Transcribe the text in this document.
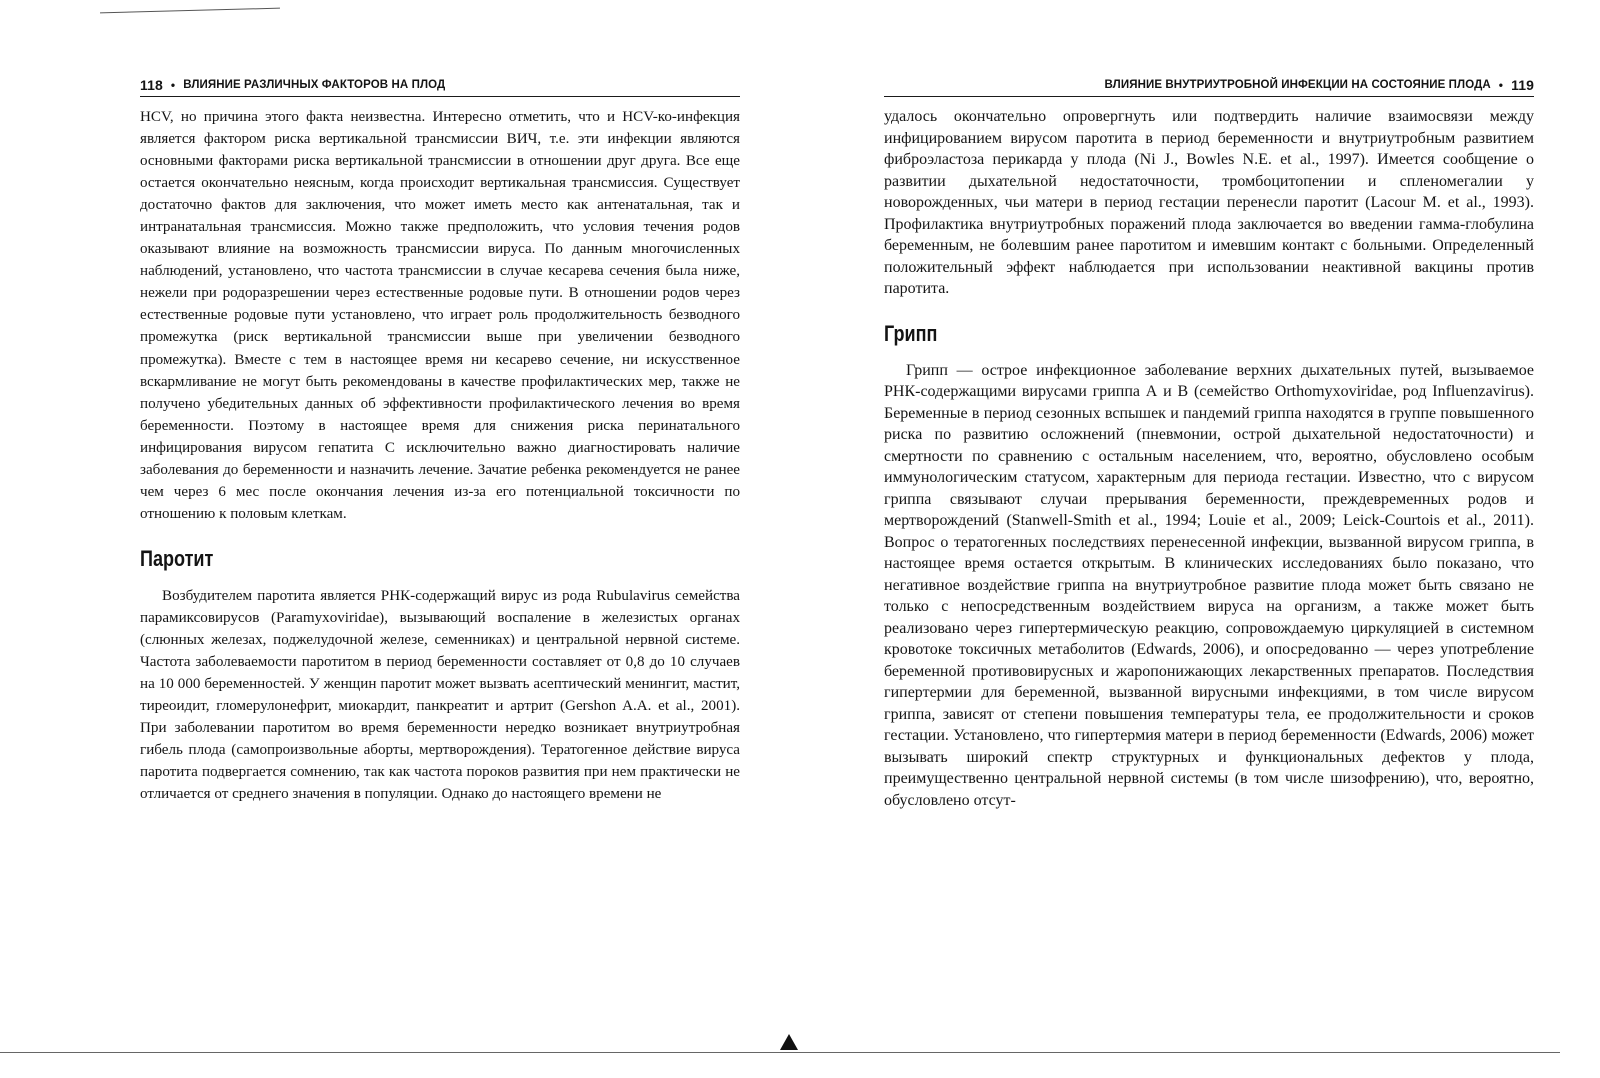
118 • ВЛИЯНИЕ РАЗЛИЧНЫХ ФАКТОРОВ НА ПЛОД

HCV, но причина этого факта неизвестна. Интересно отметить, что и HCV-ко-инфекция является фактором риска вертикальной трансмиссии ВИЧ, т.е. эти инфекции являются основными факторами риска вертикальной трансмиссии в отношении друг друга. Все еще остается окончательно неясным, когда происходит вертикальная трансмиссия. Существует достаточно фактов для заключения, что может иметь место как антенатальная, так и интранатальная трансмиссия. Можно также предположить, что условия течения родов оказывают влияние на возможность трансмиссии вируса. По данным многочисленных наблюдений, установлено, что частота трансмиссии в случае кесарева сечения была ниже, нежели при родоразрешении через естественные родовые пути. В отношении родов через естественные родовые пути установлено, что играет роль продолжительность безводного промежутка (риск вертикальной трансмиссии выше при увеличении безводного промежутка). Вместе с тем в настоящее время ни кесарево сечение, ни искусственное вскармливание не могут быть рекомендованы в качестве профилактических мер, также не получено убедительных данных об эффективности профилактического лечения во время беременности. Поэтому в настоящее время для снижения риска перинатального инфицирования вирусом гепатита С исключительно важно диагностировать наличие заболевания до беременности и назначить лечение. Зачатие ребенка рекомендуется не ранее чем через 6 мес после окончания лечения из-за его потенциальной токсичности по отношению к половым клеткам.

Паротит

Возбудителем паротита является РНК-содержащий вирус из рода Rubulavirus семейства парамиксовирусов (Paramyxoviridae), вызывающий воспаление в железистых органах (слюнных железах, поджелудочной железе, семенниках) и центральной нервной системе. Частота заболеваемости паротитом в период беременности составляет от 0,8 до 10 случаев на 10 000 беременностей. У женщин паротит может вызвать асептический менингит, мастит, тиреоидит, гломерулонефрит, миокардит, панкреатит и артрит (Gershon A.A. et al., 2001). При заболевании паротитом во время беременности нередко возникает внутриутробная гибель плода (самопроизвольные аборты, мертворождения). Тератогенное действие вируса паротита подвергается сомнению, так как частота пороков развития при нем практически не отличается от среднего значения в популяции. Однако до настоящего времени не

ВЛИЯНИЕ ВНУТРИУТРОБНОЙ ИНФЕКЦИИ НА СОСТОЯНИЕ ПЛОДА • 119

удалось окончательно опровергнуть или подтвердить наличие взаимосвязи между инфицированием вирусом паротита в период беременности и внутриутробным развитием фиброэластоза перикарда у плода (Ni J., Bowles N.E. et al., 1997). Имеется сообщение о развитии дыхательной недостаточности, тромбоцитопении и спленомегалии у новорожденных, чьи матери в период гестации перенесли паротит (Lacour M. et al., 1993). Профилактика внутриутробных поражений плода заключается во введении гамма-глобулина беременным, не болевшим ранее паротитом и имевшим контакт с больными. Определенный положительный эффект наблюдается при использовании неактивной вакцины против паротита.

Грипп

Грипп — острое инфекционное заболевание верхних дыхательных путей, вызываемое РНК-содержащими вирусами гриппа А и В (семейство Orthomyxoviridae, род Influenzavirus). Беременные в период сезонных вспышек и пандемий гриппа находятся в группе повышенного риска по развитию осложнений (пневмонии, острой дыхательной недостаточности) и смертности по сравнению с остальным населением, что, вероятно, обусловлено особым иммунологическим статусом, характерным для периода гестации. Известно, что с вирусом гриппа связывают случаи прерывания беременности, преждевременных родов и мертворождений (Stanwell-Smith et al., 1994; Louie et al., 2009; Leick-Courtois et al., 2011). Вопрос о тератогенных последствиях перенесенной инфекции, вызванной вирусом гриппа, в настоящее время остается открытым. В клинических исследованиях было показано, что негативное воздействие гриппа на внутриутробное развитие плода может быть связано не только с непосредственным воздействием вируса на организм, а также может быть реализовано через гипертермическую реакцию, сопровождаемую циркуляцией в системном кровотоке токсичных метаболитов (Edwards, 2006), и опосредованно — через употребление беременной противовирусных и жаропонижающих лекарственных препаратов. Последствия гипертермии для беременной, вызванной вирусными инфекциями, в том числе вирусом гриппа, зависят от степени повышения температуры тела, ее продолжительности и сроков гестации. Установлено, что гипертермия матери в период беременности (Edwards, 2006) может вызывать широкий спектр структурных и функциональных дефектов у плода, преимущественно центральной нервной системы (в том числе шизофрению), что, вероятно, обусловлено отсут-
